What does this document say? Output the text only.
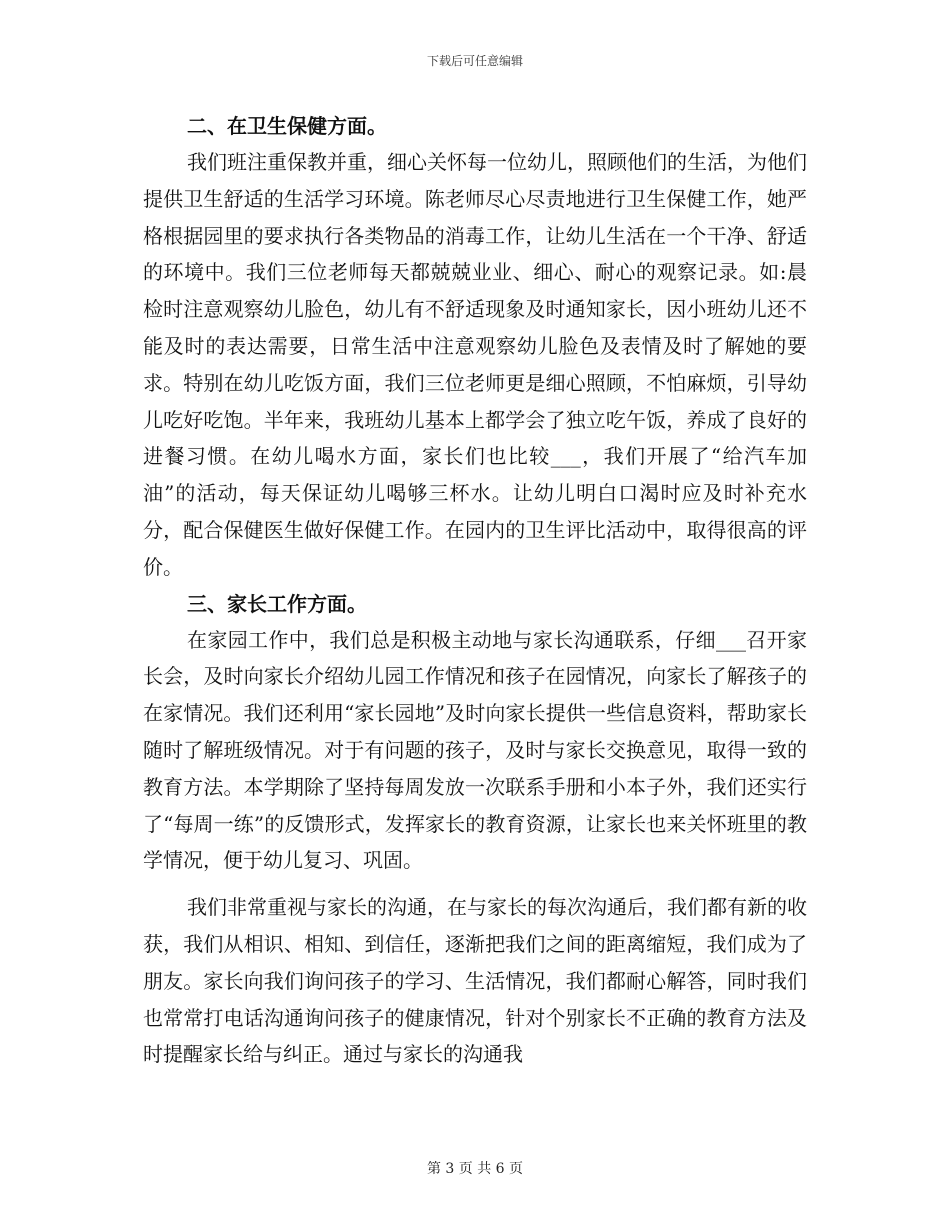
下载后可任意编辑

二、在卫生保健方面。

我们班注重保教并重，细心关怀每一位幼儿，照顾他们的生活，为他们提供卫生舒适的生活学习环境。陈老师尽心尽责地进行卫生保健工作，她严格根据园里的要求执行各类物品的消毒工作，让幼儿生活在一个干净、舒适的环境中。我们三位老师每天都兢兢业业、细心、耐心的观察记录。如:晨检时注意观察幼儿脸色，幼儿有不舒适现象及时通知家长，因小班幼儿还不能及时的表达需要，日常生活中注意观察幼儿脸色及表情及时了解她的要求。特别在幼儿吃饭方面，我们三位老师更是细心照顾，不怕麻烦，引导幼儿吃好吃饱。半年来，我班幼儿基本上都学会了独立吃午饭，养成了良好的进餐习惯。在幼儿喝水方面，家长们也比较___，我们开展了“给汽车加油”的活动，每天保证幼儿喝够三杯水。让幼儿明白口渴时应及时补充水分，配合保健医生做好保健工作。在园内的卫生评比活动中，取得很高的评价。

三、家长工作方面。

在家园工作中，我们总是积极主动地与家长沟通联系，仔细___召开家长会，及时向家长介绍幼儿园工作情况和孩子在园情况，向家长了解孩子的在家情况。我们还利用“家长园地”及时向家长提供一些信息资料，帮助家长随时了解班级情况。对于有问题的孩子，及时与家长交换意见，取得一致的教育方法。本学期除了坚持每周发放一次联系手册和小本子外，我们还实行了“每周一练”的反馈形式，发挥家长的教育资源，让家长也来关怀班里的教学情况，便于幼儿复习、巩固。

我们非常重视与家长的沟通，在与家长的每次沟通后，我们都有新的收获，我们从相识、相知、到信任，逐渐把我们之间的距离缩短，我们成为了朋友。家长向我们询问孩子的学习、生活情况，我们都耐心解答，同时我们也常常打电话沟通询问孩子的健康情况，针对个别家长不正确的教育方法及时提醒家长给与纠正。通过与家长的沟通我

第 3 页 共 6 页
